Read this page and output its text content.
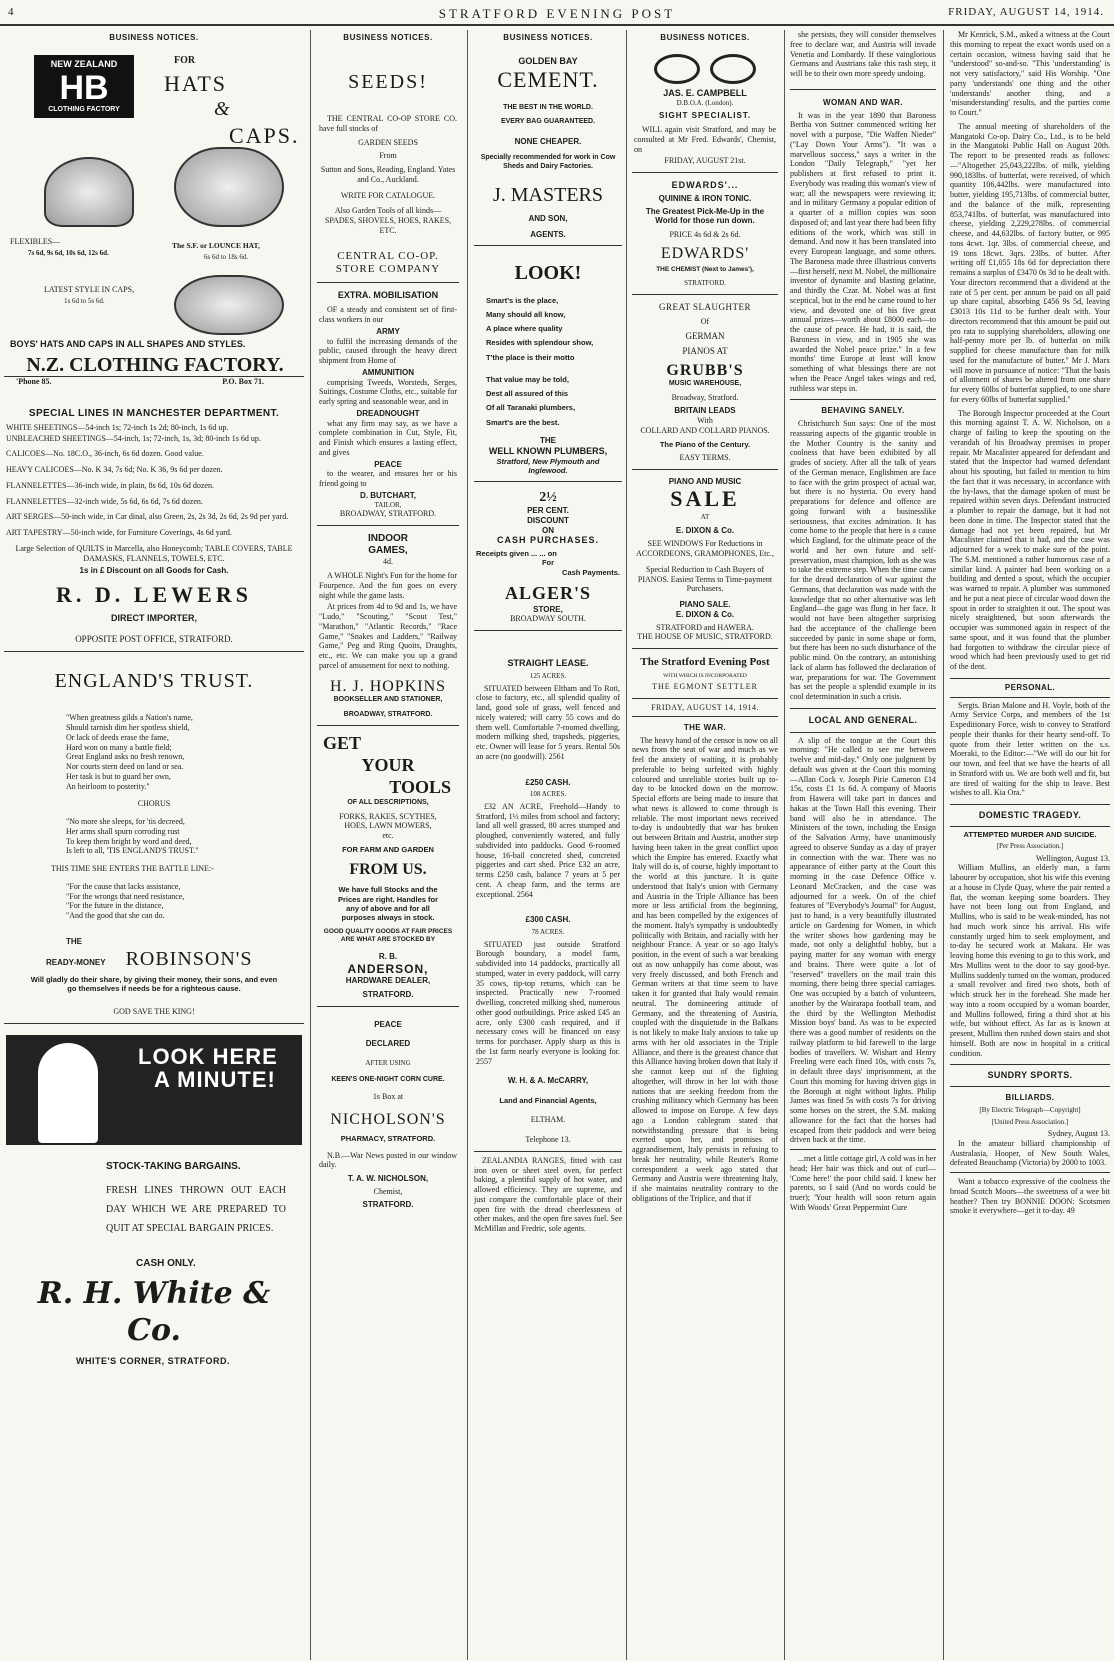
4	STRATFORD EVENING POST	FRIDAY, AUGUST 14, 1914.
BUSINESS NOTICES.
NEW ZEALAND
HB
CLOTHING FACTORY
FOR
HATS
&
CAPS.
FLEXIBLES—
7s 6d, 9s 6d, 10s 6d, 12s 6d.
The S.F. or LOUNCE HAT,
6s 6d to 18s 6d.
LATEST STYLE IN CAPS,
1s 6d to 5s 6d.
BOYS' HATS AND CAPS IN ALL SHAPES AND STYLES.
N.Z. CLOTHING FACTORY.
'Phone 85.	P.O. Box 71.
SPECIAL LINES IN MANCHESTER DEPARTMENT.
WHITE SHEETINGS—54-inch 1s; 72-inch 1s 2d; 80-inch, 1s 6d up.
UNBLEACHED SHEETINGS—54-inch, 1s; 72-inch, 1s, 3d; 80-inch 1s 6d up.
CALICOES—No. 18C.O., 36-inch, 6s 6d dozen. Good value.
HEAVY CALICOES—No. K 34, 7s 6d; No. K 36, 9s 6d per dozen.
FLANNELETTES—36-inch wide, in plain, 8s 6d, 10s 6d dozen.
FLANNELETTES—32-inch wide, 5s 6d, 6s 6d, 7s 6d dozen.
ART SERGES—50-inch wide, in Car dinal, also Green, 2s, 2s 3d, 2s 6d, 2s 9d per yard.
ART TAPESTRY—50-inch wide, for Furniture Coverings, 4s 6d yard.
Large Selection of QUILTS in Marcella, also Honeycomb; TABLE COVERS, TABLE DAMASKS, FLANNELS, TOWELS, ETC.
1s in £ Discount on all Goods for Cash.
R. D. LEWERS
DIRECT IMPORTER,
OPPOSITE POST OFFICE, STRATFORD.
ENGLAND'S TRUST.
"When greatness gilds a Nation's name,
Should tarnish dim her spotless shield,
Or lack of deeds erase the fame,
Hard won on many a battle field;
Great England asks no fresh renown,
Nor courts stern deed on land or sea.
Her task is but to guard her own,
An heirloom to posterity."
CHORUS
"No more she sleeps, for 'tis decreed,
Her arms shall spurn corroding rust
To keep them bright by word and deed,
Is left to all, 'TIS ENGLAND'S TRUST."
THIS TIME SHE ENTERS THE BATTLE LINE:-
"For the cause that lacks assistance,
"For the wrongs that need resistance,
"For the future in the distance,
"And the good that she can do.
THE
READY-MONEY ROBINSON'S
Will gladly do their share, by giving their money, their sons, and even go themselves if needs be for a righteous cause.
GOD SAVE THE KING!
LOOK HERE
A MINUTE!
STOCK-TAKING BARGAINS.
FRESH LINES THROWN OUT EACH DAY WHICH WE ARE PREPARED TO QUIT AT SPECIAL BARGAIN PRICES.
CASH ONLY.
R. H. White & Co.
WHITE'S CORNER, STRATFORD.
BUSINESS NOTICES.
SEEDS!
THE CENTRAL CO-OP STORE CO. have full stocks of
GARDEN SEEDS
From
Sutton and Sons, Reading, England. Yates and Co., Auckland.
WRITE FOR CATALOGUE.
Also Garden Tools of all kinds— SPADES, SHOVELS, HOES, RAKES, ETC.
CENTRAL CO-OP. STORE COMPANY
EXTRA. MOBILISATION
OF a steady and consistent set of first-class workers in our
ARMY
to fulfil the increasing demands of the public, caused through the heavy direct shipment from Home of
AMMUNITION
comprising Tweeds, Worsteds, Serges, Suitings, Costume Cloths, etc., suitable for early spring and seasonable wear, and in
DREADNOUGHT
what any firm may say, as we have a complete combination in Cut, Style, Fit, and Finish which ensures a lasting effect, and gives
PEACE
to the wearer, and ensures her or his friend going to
D. BUTCHART,
TAILOR,
BROADWAY, STRATFORD.
INDOOR
GAMES,
4d.
A WHOLE Night's Fun for the home for Fourpence. And the fun goes on every night while the game lasts.
At prices from 4d to 9d and 1s, we have "Ludo," "Scouting," "Scout Test," "Marathon," "Atlantic Records," "Race Game," "Snakes and Ladders," "Railway Game," Peg and Ring Quoits, Draughts, etc., etc. We can make you up a grand parcel of amusement for next to nothing.
H. J. HOPKINS
BOOKSELLER AND STATIONER,
BROADWAY, STRATFORD.
GET
YOUR
TOOLS
OF ALL DESCRIPTIONS,
FORKS, RAKES, SCYTHES, HOES, LAWN MOWERS, etc.
FOR FARM AND GARDEN
FROM US.
We have full Stocks and the Prices are right. Handles for any of above and for all purposes always in stock.
GOOD QUALITY GOODS AT FAIR PRICES ARE WHAT ARE STOCKED BY
R. B.
ANDERSON,
HARDWARE DEALER,
STRATFORD.
PEACE
DECLARED
AFTER USING
KEEN'S ONE-NIGHT CORN CURE.
1s Box at
NICHOLSON'S
PHARMACY, STRATFORD.
N.B.—War News posted in our window daily.
T. A. W. NICHOLSON,
Chemist,
STRATFORD.
BUSINESS NOTICES.
GOLDEN BAY
CEMENT.
THE BEST IN THE WORLD.
EVERY BAG GUARANTEED.
NONE CHEAPER.
Specially recommended for work in Cow Sheds and Dairy Factories.
J. MASTERS
AND SON,
AGENTS.
LOOK!
Smart's is the place,
Many should all know,
A place where quality
Resides with splendour show,
T'the place is their motto
That value may be told,
Dest all assured of this
Of all Taranaki plumbers,
Smart's are the best.
THE
WELL KNOWN PLUMBERS,
Stratford, New Plymouth and Inglewood.
2½
PER CENT.
DISCOUNT
ON
CASH PURCHASES.
Receipts given ... ... on
For
Cash Payments.
ALGER'S
STORE,
BROADWAY SOUTH.
STRAIGHT LEASE.
125 ACRES.
SITUATED between Eltham and To Roti, close to factory, etc., all splendid quality of land, good sole of grass, well fenced and nicely watered; will carry 55 cows and do them well. Comfortable 7-roomed dwelling, modern milking shed, trapsheds, piggeries, etc. Owner will lease for 5 years. Rental 50s an acre (no goodwill). 2561
£250 CASH.
108 ACRES.
£32 AN ACRE, Freehold—Handy to Stratford, 1½ miles from school and factory; land all well grassed, 80 acres stumped and ploughed, conveniently watered, and fully subdivided into paddocks. Good 6-roomed house, 16-bail concreted shed, concreted piggeries and cart shed. Price £32 an acre, terms £250 cash, balance 7 years at 5 per cent. A cheap farm, and the terms are exceptional. 2564
£300 CASH.
78 ACRES.
SITUATED just outside Stratford Borough boundary, a model farm, subdivided into 14 paddocks, practically all stumped, water in every paddock, will carry 35 cows, tip-top returns, which can be inspected. Practically new 7-roomed dwelling, concreted milking shed, numerous other good outbuildings. Price asked £45 an acre, only £300 cash required, and if necessary cows will be financed on easy terms for purchaser. Apply sharp as this is the 1st farm nearly everyone is looking for. 2557
W. H. & A. McCARRY,
Land and Financial Agents,
ELTHAM.
Telephone 13.
ZEALANDIA RANGES, fitted with cast iron oven or sheet steel oven, for perfect baking, a plentiful supply of hot water, and allowed efficiency. They are supreme, and just compare the comfortable place of their open fire with the dread cheerlessness of other makes, and the open fire saves fuel. See McMillan and Fredric, sole agents.
BUSINESS NOTICES.
JAS. E. CAMPBELL
D.B.O.A. (London).
SIGHT SPECIALIST.
WILL again visit Stratford, and may be consulted at Mr Fred. Edwards', Chemist, on
FRIDAY, AUGUST 21st.
EDWARDS'...
QUININE & IRON TONIC.
The Greatest Pick-Me-Up in the World for those run down.
PRICE 4s 6d & 2s 6d.
EDWARDS'
THE CHEMIST (Next to James'),
STRATFORD.
GREAT SLAUGHTER
Of
GERMAN
PIANOS AT
GRUBB'S
MUSIC WAREHOUSE,
Broadway, Stratford.
BRITAIN LEADS
With
COLLARD AND COLLARD PIANOS.
The Piano of the Century.
EASY TERMS.
PIANO AND MUSIC
SALE
AT
E. DIXON & Co.
SEE WINDOWS For Reductions in ACCORDEONS, GRAMOPHONES, Etc.,
Special Reduction to Cash Buyers of PIANOS. Easiest Terms to Time-payment Purchasers.
PIANO SALE.
E. DIXON & Co.
STRATFORD and HAWERA.
THE HOUSE OF MUSIC, STRATFORD.
The Stratford Evening Post
WITH WHICH IS INCORPORATED
THE EGMONT SETTLER
FRIDAY, AUGUST 14, 1914.
THE WAR.
The heavy hand of the censor is now on all news from the seat of war and much as we feel the anxiety of waiting, it is probably preferable to being surfeited with highly coloured and unreliable stories built up to-day to be knocked down on the morrow. Special efforts are being made to insure that what news is allowed to come through is reliable. The most important news received to-day is undoubtedly that war has broken out between Britain and Austria, another step having been taken in the great conflict upon which the Empire has entered. Exactly what Italy will do is, of course, highly important to the world at this juncture. It is quite understood that Italy's union with Germany and Austria in the Triple Alliance has been more or less artificial from the beginning, and has been compelled by the exigences of the moment. Italy's sympathy is undoubtedly politically with Britain, and racially with her neighbour France. A year or so ago Italy's position, in the event of such a war breaking out as now unhappily has come about, was very freely discussed, and both French and German writers at that time seem to have taken it for granted that Italy would remain neutral. The domineering attitude of Germany, and the threatening of Austria, coupled with the disquietude in the Balkans is not likely to make Italy anxious to take up arms with her old associates in the Triple Alliance, and there is the greatest chance that this Alliance having broken down that Italy if she cannot keep out of the fighting altogether, will throw in her lot with those nations that are seeking freedom from the crushing militancy which Germany has been allowed to impose on Europe. A few days ago a London cablegram stated that notwithstanding pressure that is being exerted upon her, and promises of aggrandisement, Italy persists in refusing to break her neutrality, while Reuter's Rome correspondent a week ago stated that Germany and Austria were threatening Italy, if she maintains neutrality contrary to the obligations of the Triplice, and that if

she persists, they will consider themselves free to declare war, and Austria will invade Venetia and Lombardy. If these vainglorious Germans and Austrians take this rash step, it will be to their own more speedy undoing.

WOMAN AND WAR.

It was in the year 1890 that Baroness Bertha von Suttner commenced writing her novel with a purpose, "Die Waffen Nieder" ("Lay Down Your Arms"). "It was a marvellous success," says a writer in the London "Daily Telegraph," "yet her publishers at first refused to print it. Everybody was reading this woman's view of war; all the newspapers were reviewing it; and in military Germany a popular edition of a quarter of a million copies was soon disposed of; and last year there had been fifty editions of the work, which was still in demand. And now it has been translated into every European language, and some others. The Baroness made three illustrious converts—first herself, next M. Nobel, the millionaire inventor of dynamite and blasting gelatine, and thirdly the Czar. M. Nobel was at first sceptical, but in the end he came round to her view, and devoted one of his five great annual prizes—worth about £8000 each—to the cause of peace. He had, it is said, the Baroness in view, and in 1905 she was awarded the Nobel peace prize." In a few months' time Europe at least will know something of what blessings there are not when the Peace Angel takes wings and red, ruthless war steps in.

BEHAVING SANELY.

Christchurch Sun says: One of the most reassuring aspects of the gigantic trouble in the Mother Country is the sanity and coolness that have been exhibited by all grades of society. After all the talk of years of the German menace, Englishmen are face to face with the grim prospect of actual war, but there is no hysteria. On every hand preparations for defence and offence are going forward with a businesslike seriousness, that excites admiration. It has come home to the people that here is a cause which England, for the ultimate peace of the world and her own future and self-preservation, must champion, loth as she was to take the extreme step. When the time came for the dread declaration of war against the Germans, that declaration was made with the knowledge that no other alternative was left England—the gage was flung in her face. It would not have been altogether surprising had the acceptance of the challenge been succeeded by panic in some shape or form, but there has been no such disturbance of the public mind. On the contrary, an astonishing lack of alarm has followed the declaration of war, preparations for war. The Government has set the people a splendid example in its cool determination in such a crisis.

LOCAL AND GENERAL.

A slip of the tongue at the Court this morning: "He called to see me between twelve and mid-day." Only one judgment by default was given at the Court this morning—Allan Cock v. Joseph Pirie Cameron £14 15s, costs £1 1s 6d. A company of Maoris from Hawera will take part in dances and hakas at the Town Hall this evening. Their band will also be in attendance. The Ministers of the town, including the Ensign of the Salvation Army, have unanimously agreed to observe Sunday as a day of prayer in connection with the war. There was no appearance of either party at the Court this morning in the case Defence Office v. Leonard McCracken, and the case was adjourned for a week. On of the chief features of "Everybody's Journal" for August, just to hand, is a very beautifully illustrated article on Gardening for Women, in which the writer shows how gardening may be made, not only a delightful hobby, but a paying matter for any woman with energy and brains. There were quite a lot of "reserved" travellers on the mail train this morning, there being three special carriages. One was occupied by a batch of volunteers, another by the Wairarapa football team, and the third by the Wellington Methodist Mission boys' band. As was to be expected there was a good number of residents on the railway platform to bid farewell to the large bodies of travellers. W. Wishart and Henry Freeling were each fined 10s, with costs 7s, in default three days' imprisonment, at the Court this morning for having driven gigs in the Borough at night without lights. Philip James was fined 5s with costs 7s for driving some horses on the street, the S.M. making allowance for the fact that the horses had escaped from their paddock and were being driven back at the time.

...met a little cottage girl, A cold was in her head; Her hair was thick and out of curl— 'Come here!' the poor child said. I knew her parents, so I said (And no words could be truer); 'Your health will soon return again With Woods' Great Peppermint Cure

Mr Kenrick, S.M., asked a witness at the Court this morning to repeat the exact words used on a certain occasion, witness having said that he "understood" so-and-so. "This 'understanding' is not very satisfactory," said His Worship. "One party 'understands' one thing and the other 'understands' another thing, and a 'misunderstanding' results, and the parties come to Court."

The annual meeting of shareholders of the Mangatoki Co-op. Dairy Co., Ltd., is to be held in the Mangatoki Public Hall on August 20th. The report to be presented reads as follows:—"Altogether 25,043,222lbs. of milk, yielding 990,183lbs. of butterfat, were received, of which quantity 106,442lbs. were manufactured into butter, yielding 195,713lbs. of commercial butter, and the balance of the milk, representing 853,741lbs. of butterfat, was manufactured into cheese, yielding 2,229,278lbs. of commercial cheese, and 44,632lbs. of factory butter, or 995 tons 4cwt. 1qr. 3lbs. of commercial cheese, and 19 tons 18cwt. 3qrs. 23lbs. of butter. After writing off £1,055 18s 6d for depreciation there remains a surplus of £3470 0s 3d to be dealt with. Your directors recommend that a dividend at the rate of 5 per cent. per annum be paid on all paid up share capital, absorbing £456 9s 5d, leaving £3013 10s 11d to be further dealt with. Your directors recommend that this amount be paid out pro rata to supplying shareholders, allowing one half-penny more per lb. of butterfat on milk supplied for cheese manufacture than for milk used for the manufacture of butter." Mr J. Marx will move in pursuance of notice: "That the basis of allotment of shares be altered from one share for every 60lbs of butterfat supplied, to one share for every 60lbs of butterfat supplied."

The Borough Inspector proceeded at the Court this morning against T. A. W. Nicholson, on a charge of failing to keep the spouting on the verandah of his Broadway premises in proper repair. Mr Macalister appeared for defendant and stated that the Inspector had warned defendant about his spouting, but failed to mention to him the fact that it was necessary, in accordance with the by-laws, that the damage spoken of must be repaired within seven days. Defendant instructed a plumber to repair the damage, but it had not been done in time. The Inspector stated that the damage had not yet been repaired, but Mr Macalister claimed that it had, and the case was adjourned for a week to make sure of the point. The S.M. mentioned a rather humorous case of a similar kind. A painter had been working on a building and dented a spout, which the occupier was warned to repair. A plumber was summoned and he put a neat piece of circular wood down the spout in order to straighten it out. The spout was nicely straightened, but soon afterwards the occupier was summoned again in respect of the same spout, and it was found that the plumber had forgotten to withdraw the circular piece of wood which had been previously used to get rid of the dent.

PERSONAL.

Sergts. Brian Malone and H. Voyle, both of the Army Service Corps, and members of the 1st Expeditionary Force, wish to convey to Stratford people their thanks for their hearty send-off. To quote from their letter written on the s.s. Moeraki, to the Editor:—"We will do our bit for our town, and feel that we have the hearts of all in Stratford with us. We are both well and fit, but are tired of waiting for the ship to leave. Best wishes to all. Kia Ora."

DOMESTIC TRAGEDY.
ATTEMPTED MURDER AND SUICIDE.
[Per Press Association.]
Wellington, August 13.

William Mullins, an elderly man, a farm labourer by occupation, shot his wife this evening at a house in Clyde Quay, where the pair rented a flat, the woman keeping some boarders. They have not been long out from England, and Mullins, who is said to be weak-minded, has not had much work since his arrival. His wife constantly urged him to seek employment, and to-day he secured work at Makara. He was leaving home this evening to go to this work, and Mrs Mullins went to the door to say good-bye. Mullins suddenly turned on the woman, produced a small revolver and fired two shots, both of which struck her in the forehead. She made her way into a room occupied by a woman boarder, and Mullins followed, firing a third shot at his wife, but without effect. As far as is known at present, Mullins then rushed down stairs and shot himself. Both are now in hospital in a critical condition.

SUNDRY SPORTS.
BILLIARDS.
[By Electric Telegraph—Copyright]
[United Press Association.]
Sydney, August 13.

In the amateur billiard championship of Australasia, Hooper, of New South Wales, defeated Beauchamp (Victoria) by 2000 to 1003.

Want a tobacco expressive of the coolness the broad Scotch Moors—the sweetness of a wee bit heather? Then try BONNIE DOON: Scotsmen smoke it everywhere—get it to-day. 49
